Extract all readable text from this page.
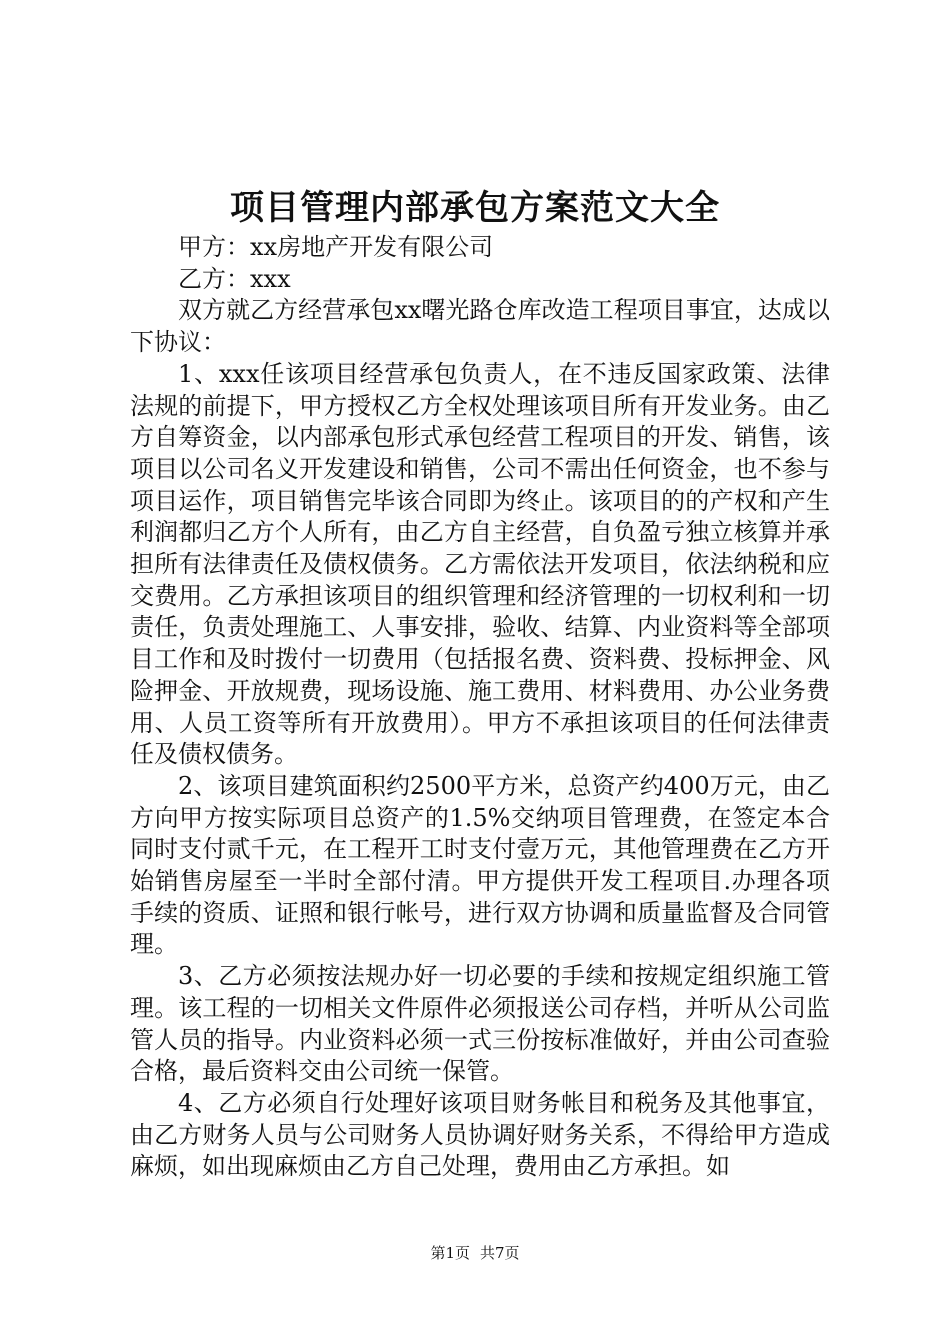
项目管理内部承包方案范文大全

甲方：xx房地产开发有限公司

乙方：xxx

双方就乙方经营承包xx曙光路仓库改造工程项目事宜，达成以下协议：

1、xxx任该项目经营承包负责人，在不违反国家政策、法律法规的前提下，甲方授权乙方全权处理该项目所有开发业务。由乙方自筹资金，以内部承包形式承包经营工程项目的开发、销售，该项目以公司名义开发建设和销售，公司不需出任何资金，也不参与项目运作，项目销售完毕该合同即为终止。该项目的的产权和产生利润都归乙方个人所有，由乙方自主经营，自负盈亏独立核算并承担所有法律责任及债权债务。乙方需依法开发项目，依法纳税和应交费用。乙方承担该项目的组织管理和经济管理的一切权利和一切责任，负责处理施工、人事安排，验收、结算、内业资料等全部项目工作和及时拨付一切费用（包括报名费、资料费、投标押金、风险押金、开放规费，现场设施、施工费用、材料费用、办公业务费用、人员工资等所有开放费用）。甲方不承担该项目的任何法律责任及债权债务。

2、该项目建筑面积约2500平方米，总资产约400万元，由乙方向甲方按实际项目总资产的1.5%交纳项目管理费，在签定本合同时支付贰千元，在工程开工时支付壹万元，其他管理费在乙方开始销售房屋至一半时全部付清。甲方提供开发工程项目.办理各项手续的资质、证照和银行帐号，进行双方协调和质量监督及合同管理。

3、乙方必须按法规办好一切必要的手续和按规定组织施工管理。该工程的一切相关文件原件必须报送公司存档，并听从公司监管人员的指导。内业资料必须一式三份按标准做好，并由公司查验合格，最后资料交由公司统一保管。

4、乙方必须自行处理好该项目财务帐目和税务及其他事宜，由乙方财务人员与公司财务人员协调好财务关系，不得给甲方造成麻烦，如出现麻烦由乙方自己处理，费用由乙方承担。如

第1页 共7页
